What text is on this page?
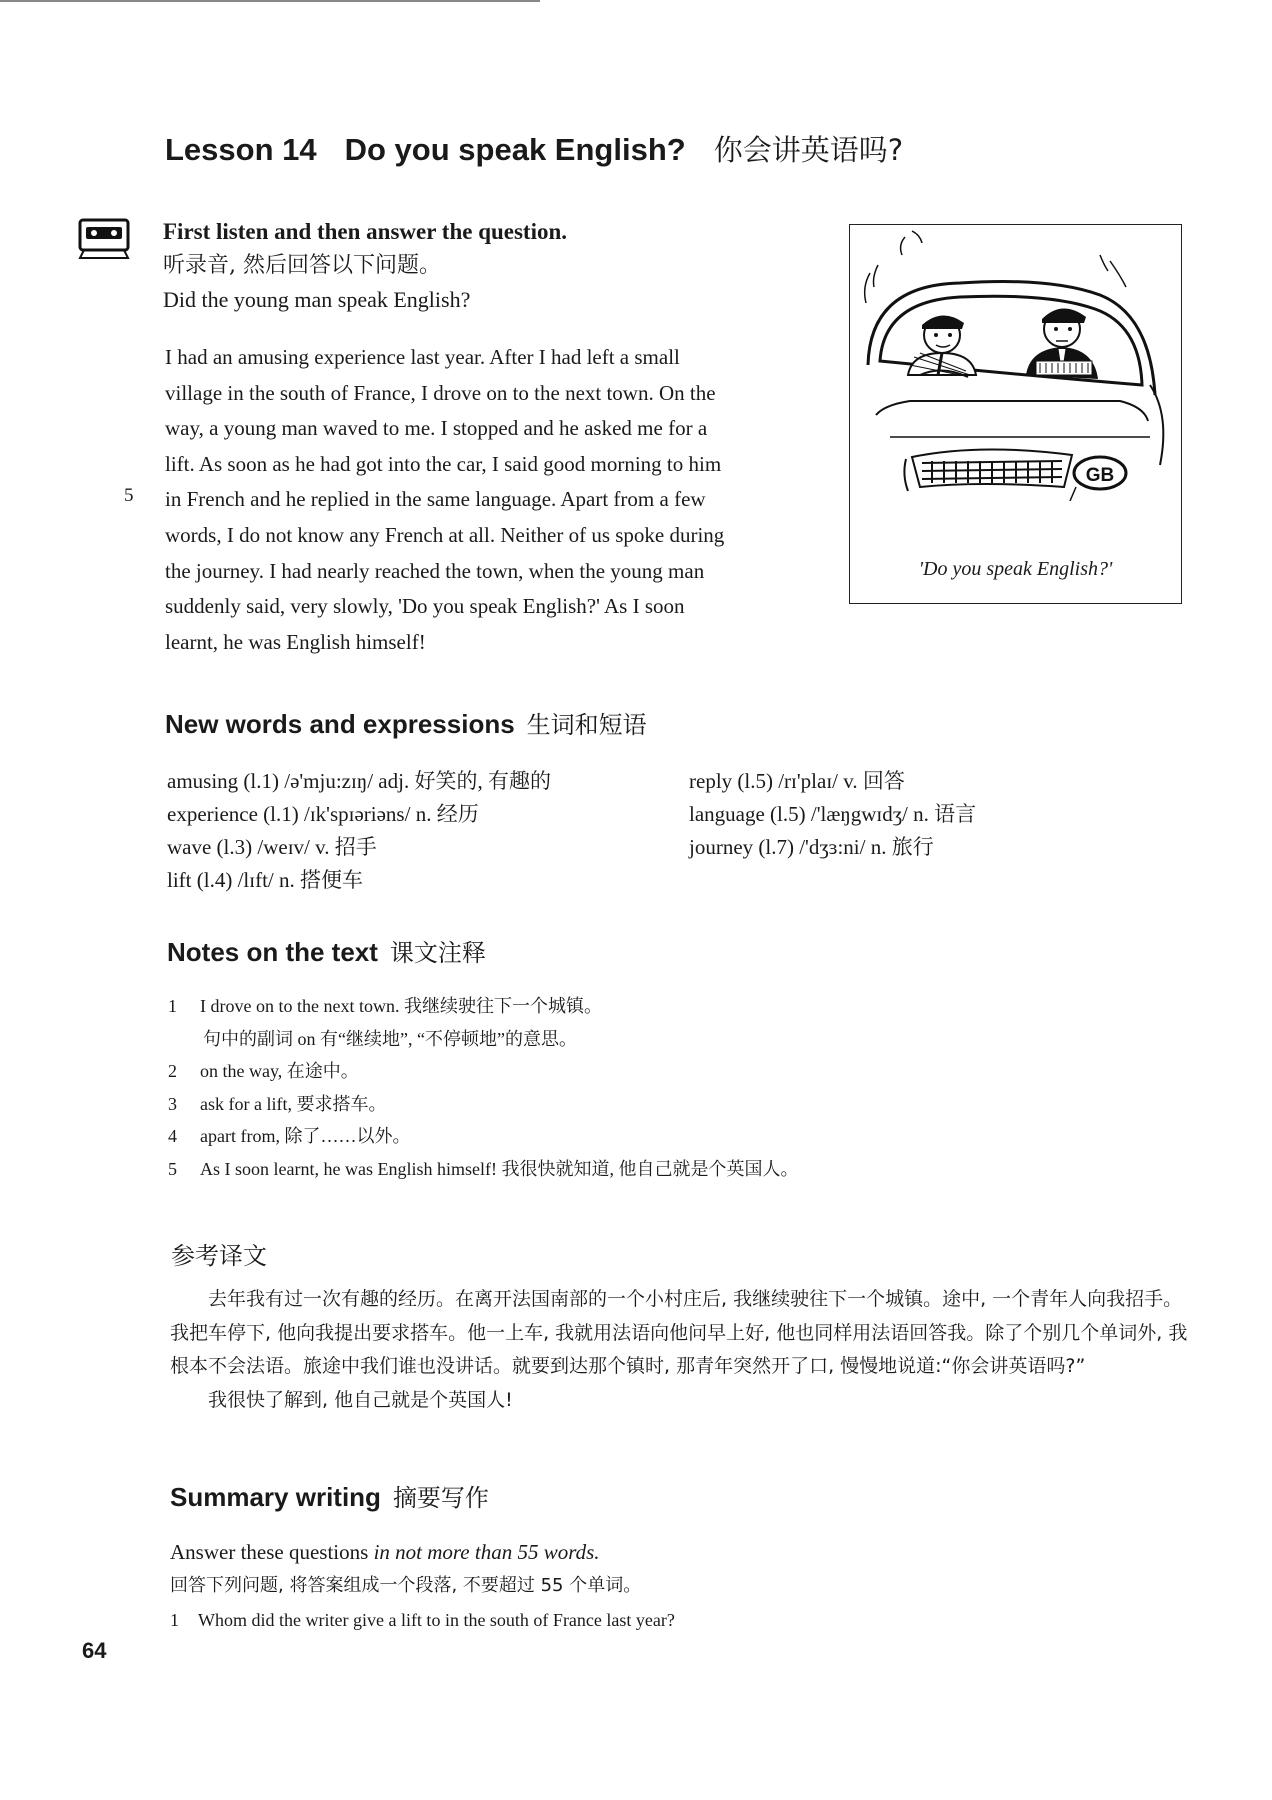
Lesson 14 Do you speak English? 你会讲英语吗?
First listen and then answer the question.
听录音, 然后回答以下问题。
Did the young man speak English?
I had an amusing experience last year. After I had left a small
village in the south of France, I drove on to the next town. On the
way, a young man waved to me. I stopped and he asked me for a
lift. As soon as he had got into the car, I said good morning to him
in French and he replied in the same language. Apart from a few
words, I do not know any French at all. Neither of us spoke during
the journey. I had nearly reached the town, when the young man
suddenly said, very slowly, 'Do you speak English?' As I soon
learnt, he was English himself!
5
GB
'Do you speak English?'
New words and expressions 生词和短语
amusing (l.1) /ə'mju:zɪŋ/ adj. 好笑的, 有趣的
experience (l.1) /ɪk'spɪəriəns/ n. 经历
wave (l.3) /weɪv/ v. 招手
lift (l.4) /lɪft/ n. 搭便车
reply (l.5) /rɪ'plaɪ/ v. 回答
language (l.5) /'læŋgwɪdʒ/ n. 语言
journey (l.7) /'dʒɜ:ni/ n. 旅行
Notes on the text 课文注释
1 I drove on to the next town. 我继续驶往下一个城镇。
句中的副词 on 有“继续地”, “不停顿地”的意思。
2 on the way, 在途中。
3 ask for a lift, 要求搭车。
4 apart from, 除了……以外。
5 As I soon learnt, he was English himself! 我很快就知道, 他自己就是个英国人。
参考译文

去年我有过一次有趣的经历。在离开法国南部的一个小村庄后, 我继续驶往下一个城镇。途中, 一个青年人向我招手。我把车停下, 他向我提出要求搭车。他一上车, 我就用法语向他问早上好, 他也同样用法语回答我。除了个别几个单词外, 我根本不会法语。旅途中我们谁也没讲话。就要到达那个镇时, 那青年突然开了口, 慢慢地说道:“你会讲英语吗?”

我很快了解到, 他自己就是个英国人!

Summary writing 摘要写作
Answer these questions in not more than 55 words.
回答下列问题, 将答案组成一个段落, 不要超过 55 个单词。
1 Whom did the writer give a lift to in the south of France last year?
64
